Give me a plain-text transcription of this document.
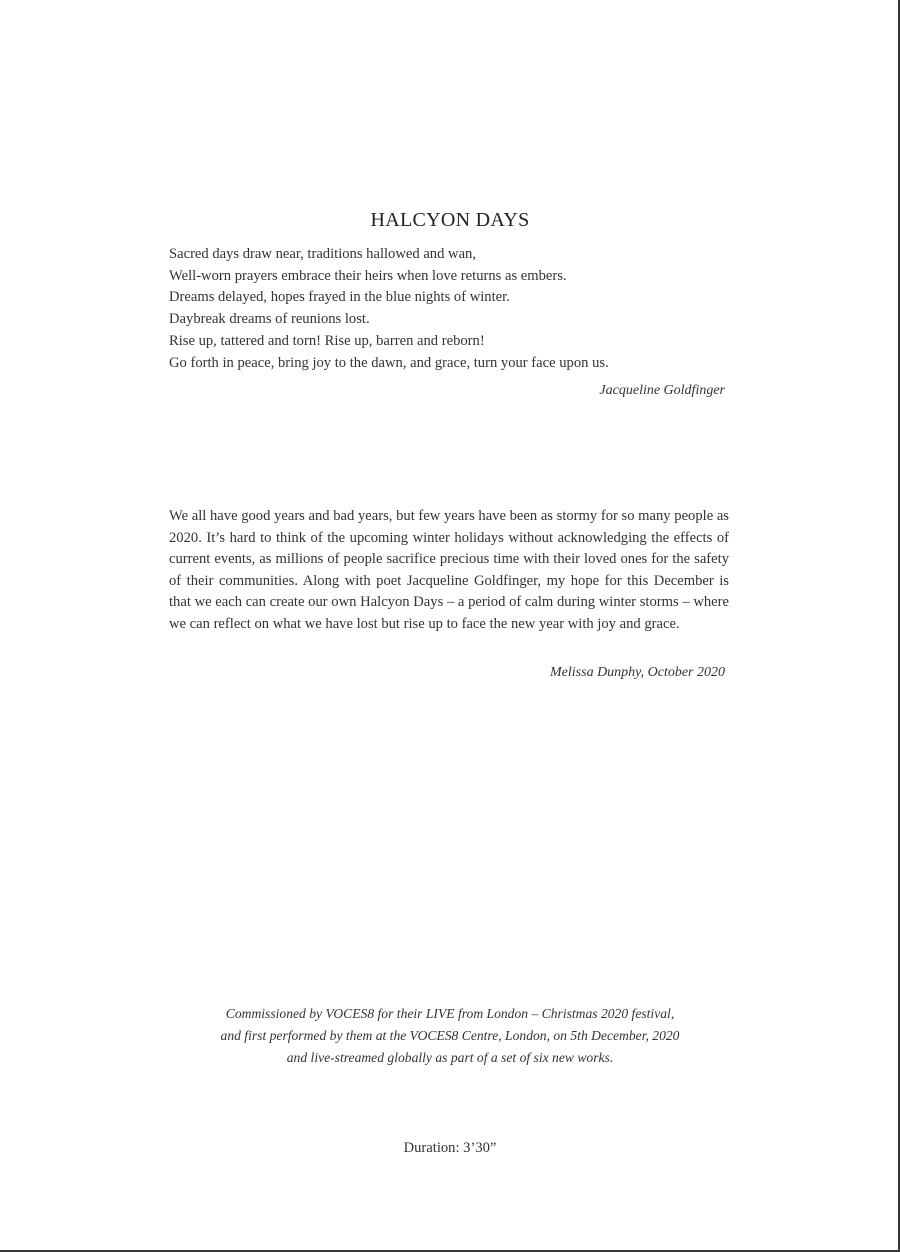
HALCYON DAYS
Sacred days draw near, traditions hallowed and wan,
Well-worn prayers embrace their heirs when love returns as embers.
Dreams delayed, hopes frayed in the blue nights of winter.
Daybreak dreams of reunions lost.
Rise up, tattered and torn! Rise up, barren and reborn!
Go forth in peace, bring joy to the dawn, and grace, turn your face upon us.
Jacqueline Goldfinger
We all have good years and bad years, but few years have been as stormy for so many people as 2020. It’s hard to think of the upcoming winter holidays without acknowledging the effects of current events, as millions of people sacrifice precious time with their loved ones for the safety of their communities. Along with poet Jacqueline Goldfinger, my hope for this December is that we each can create our own Halcyon Days – a period of calm during winter storms – where we can reflect on what we have lost but rise up to face the new year with joy and grace.
Melissa Dunphy, October 2020
Commissioned by VOCES8 for their LIVE from London – Christmas 2020 festival,
and first performed by them at the VOCES8 Centre, London, on 5th December, 2020
and live-streamed globally as part of a set of six new works.
Duration: 3’30”
